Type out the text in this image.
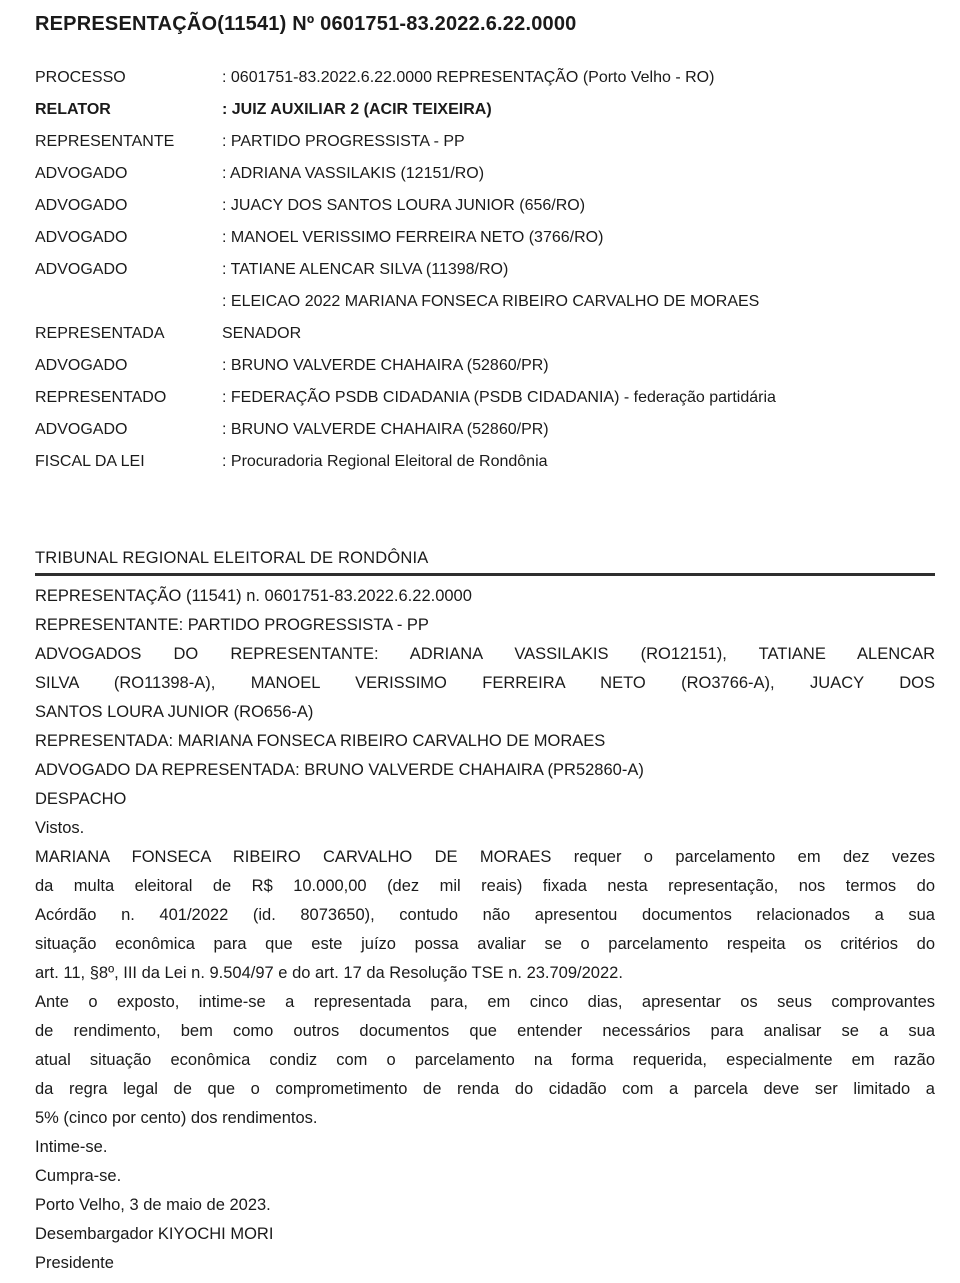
REPRESENTAÇÃO(11541) Nº 0601751-83.2022.6.22.0000
PROCESSO	: 0601751-83.2022.6.22.0000 REPRESENTAÇÃO (Porto Velho - RO)
RELATOR	: JUIZ AUXILIAR 2 (ACIR TEIXEIRA)
REPRESENTANTE	: PARTIDO PROGRESSISTA - PP
ADVOGADO	: ADRIANA VASSILAKIS (12151/RO)
ADVOGADO	: JUACY DOS SANTOS LOURA JUNIOR (656/RO)
ADVOGADO	: MANOEL VERISSIMO FERREIRA NETO (3766/RO)
ADVOGADO	: TATIANE ALENCAR SILVA (11398/RO)
: ELEICAO 2022 MARIANA FONSECA RIBEIRO CARVALHO DE MORAES
REPRESENTADA	SENADOR
ADVOGADO	: BRUNO VALVERDE CHAHAIRA (52860/PR)
REPRESENTADO	: FEDERAÇÃO PSDB CIDADANIA (PSDB CIDADANIA) - federação partidária
ADVOGADO	: BRUNO VALVERDE CHAHAIRA (52860/PR)
FISCAL DA LEI	: Procuradoria Regional Eleitoral de Rondônia
TRIBUNAL REGIONAL ELEITORAL DE RONDÔNIA
REPRESENTAÇÃO (11541) n. 0601751-83.2022.6.22.0000
REPRESENTANTE: PARTIDO PROGRESSISTA - PP
ADVOGADOS DO REPRESENTANTE: ADRIANA VASSILAKIS (RO12151), TATIANE ALENCAR
SILVA (RO11398-A), MANOEL VERISSIMO FERREIRA NETO (RO3766-A), JUACY DOS
SANTOS LOURA JUNIOR (RO656-A)
REPRESENTADA: MARIANA FONSECA RIBEIRO CARVALHO DE MORAES
ADVOGADO DA REPRESENTADA: BRUNO VALVERDE CHAHAIRA (PR52860-A)
DESPACHO
Vistos.
MARIANA FONSECA RIBEIRO CARVALHO DE MORAES requer o parcelamento em dez vezes
da multa eleitoral de R$ 10.000,00 (dez mil reais) fixada nesta representação, nos termos do
Acórdão n. 401/2022 (id. 8073650), contudo não apresentou documentos relacionados a sua
situação econômica para que este juízo possa avaliar se o parcelamento respeita os critérios do
art. 11, §8º, III da Lei n. 9.504/97 e do art. 17 da Resolução TSE n. 23.709/2022.
Ante o exposto, intime-se a representada para, em cinco dias, apresentar os seus comprovantes
de rendimento, bem como outros documentos que entender necessários para analisar se a sua
atual situação econômica condiz com o parcelamento na forma requerida, especialmente em razão
da regra legal de que o comprometimento de renda do cidadão com a parcela deve ser limitado a
5% (cinco por cento) dos rendimentos.
Intime-se.
Cumpra-se.
Porto Velho, 3 de maio de 2023.
Desembargador KIYOCHI MORI
Presidente
